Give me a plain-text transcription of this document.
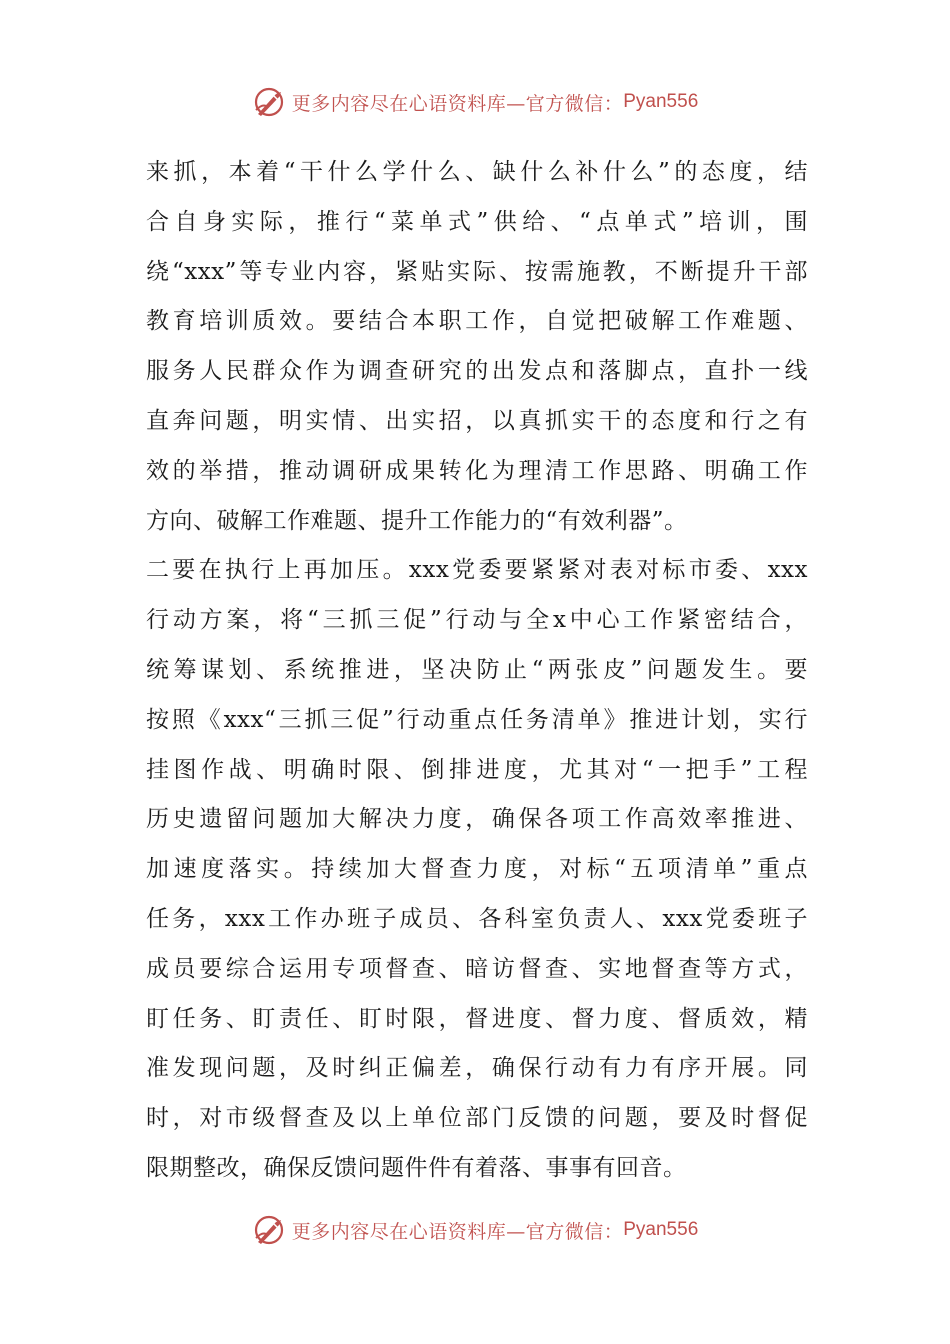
更多内容尽在心语资料库—官方微信： Pyan556
来抓，本着“干什么学什么、缺什么补什么”的态度，结
合自身实际，推行“菜单式”供给、“点单式”培训，围
绕“xxx”等专业内容，紧贴实际、按需施教，不断提升干部
教育培训质效。要结合本职工作，自觉把破解工作难题、
服务人民群众作为调查研究的出发点和落脚点，直扑一线
直奔问题，明实情、出实招，以真抓实干的态度和行之有
效的举措，推动调研成果转化为理清工作思路、明确工作
方向、破解工作难题、提升工作能力的“有效利器”。
二要在执行上再加压。xxx党委要紧紧对表对标市委、xxx
行动方案，将“三抓三促”行动与全x中心工作紧密结合，
统筹谋划、系统推进，坚决防止“两张皮”问题发生。要
按照《xxx“三抓三促”行动重点任务清单》推进计划，实行
挂图作战、明确时限、倒排进度，尤其对“一把手”工程
历史遗留问题加大解决力度，确保各项工作高效率推进、
加速度落实。持续加大督查力度，对标“五项清单”重点
任务，xxx工作办班子成员、各科室负责人、xxx党委班子
成员要综合运用专项督查、暗访督查、实地督查等方式，
盯任务、盯责任、盯时限，督进度、督力度、督质效，精
准发现问题，及时纠正偏差，确保行动有力有序开展。同
时，对市级督查及以上单位部门反馈的问题，要及时督促
限期整改，确保反馈问题件件有着落、事事有回音。
更多内容尽在心语资料库—官方微信： Pyan556
